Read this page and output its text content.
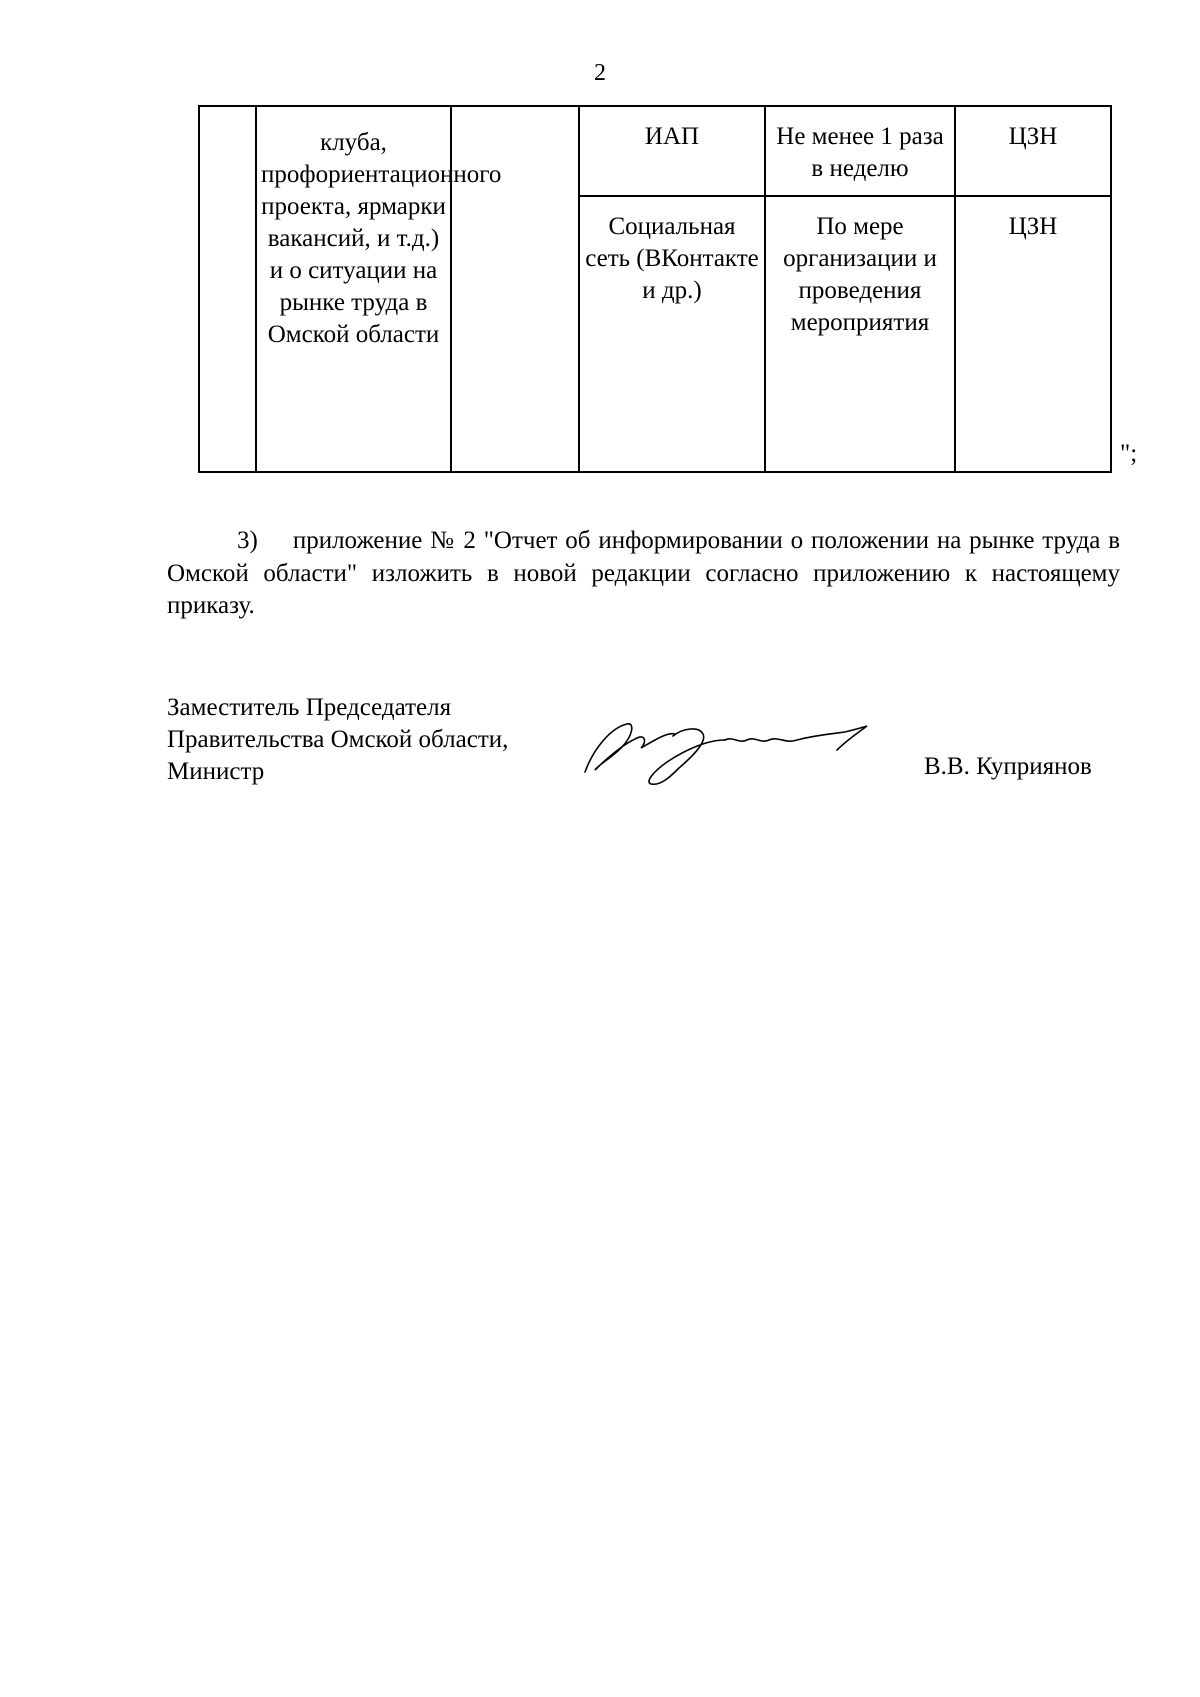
2
	клуба, профориентационного проекта, ярмарки вакансий, и т.д.) и о ситуации на рынке труда в Омской области		ИАП	Не менее 1 раза в неделю	ЦЗН
			Социальная сеть (ВКонтакте и др.)	По мере организации и проведения мероприятия	ЦЗН
";
3) приложение № 2 "Отчет об информировании о положении на рынке труда в Омской области" изложить в новой редакции согласно приложению к настоящему приказу.
Заместитель Председателя
Правительства Омской области,
Министр	В.В. Куприянов
